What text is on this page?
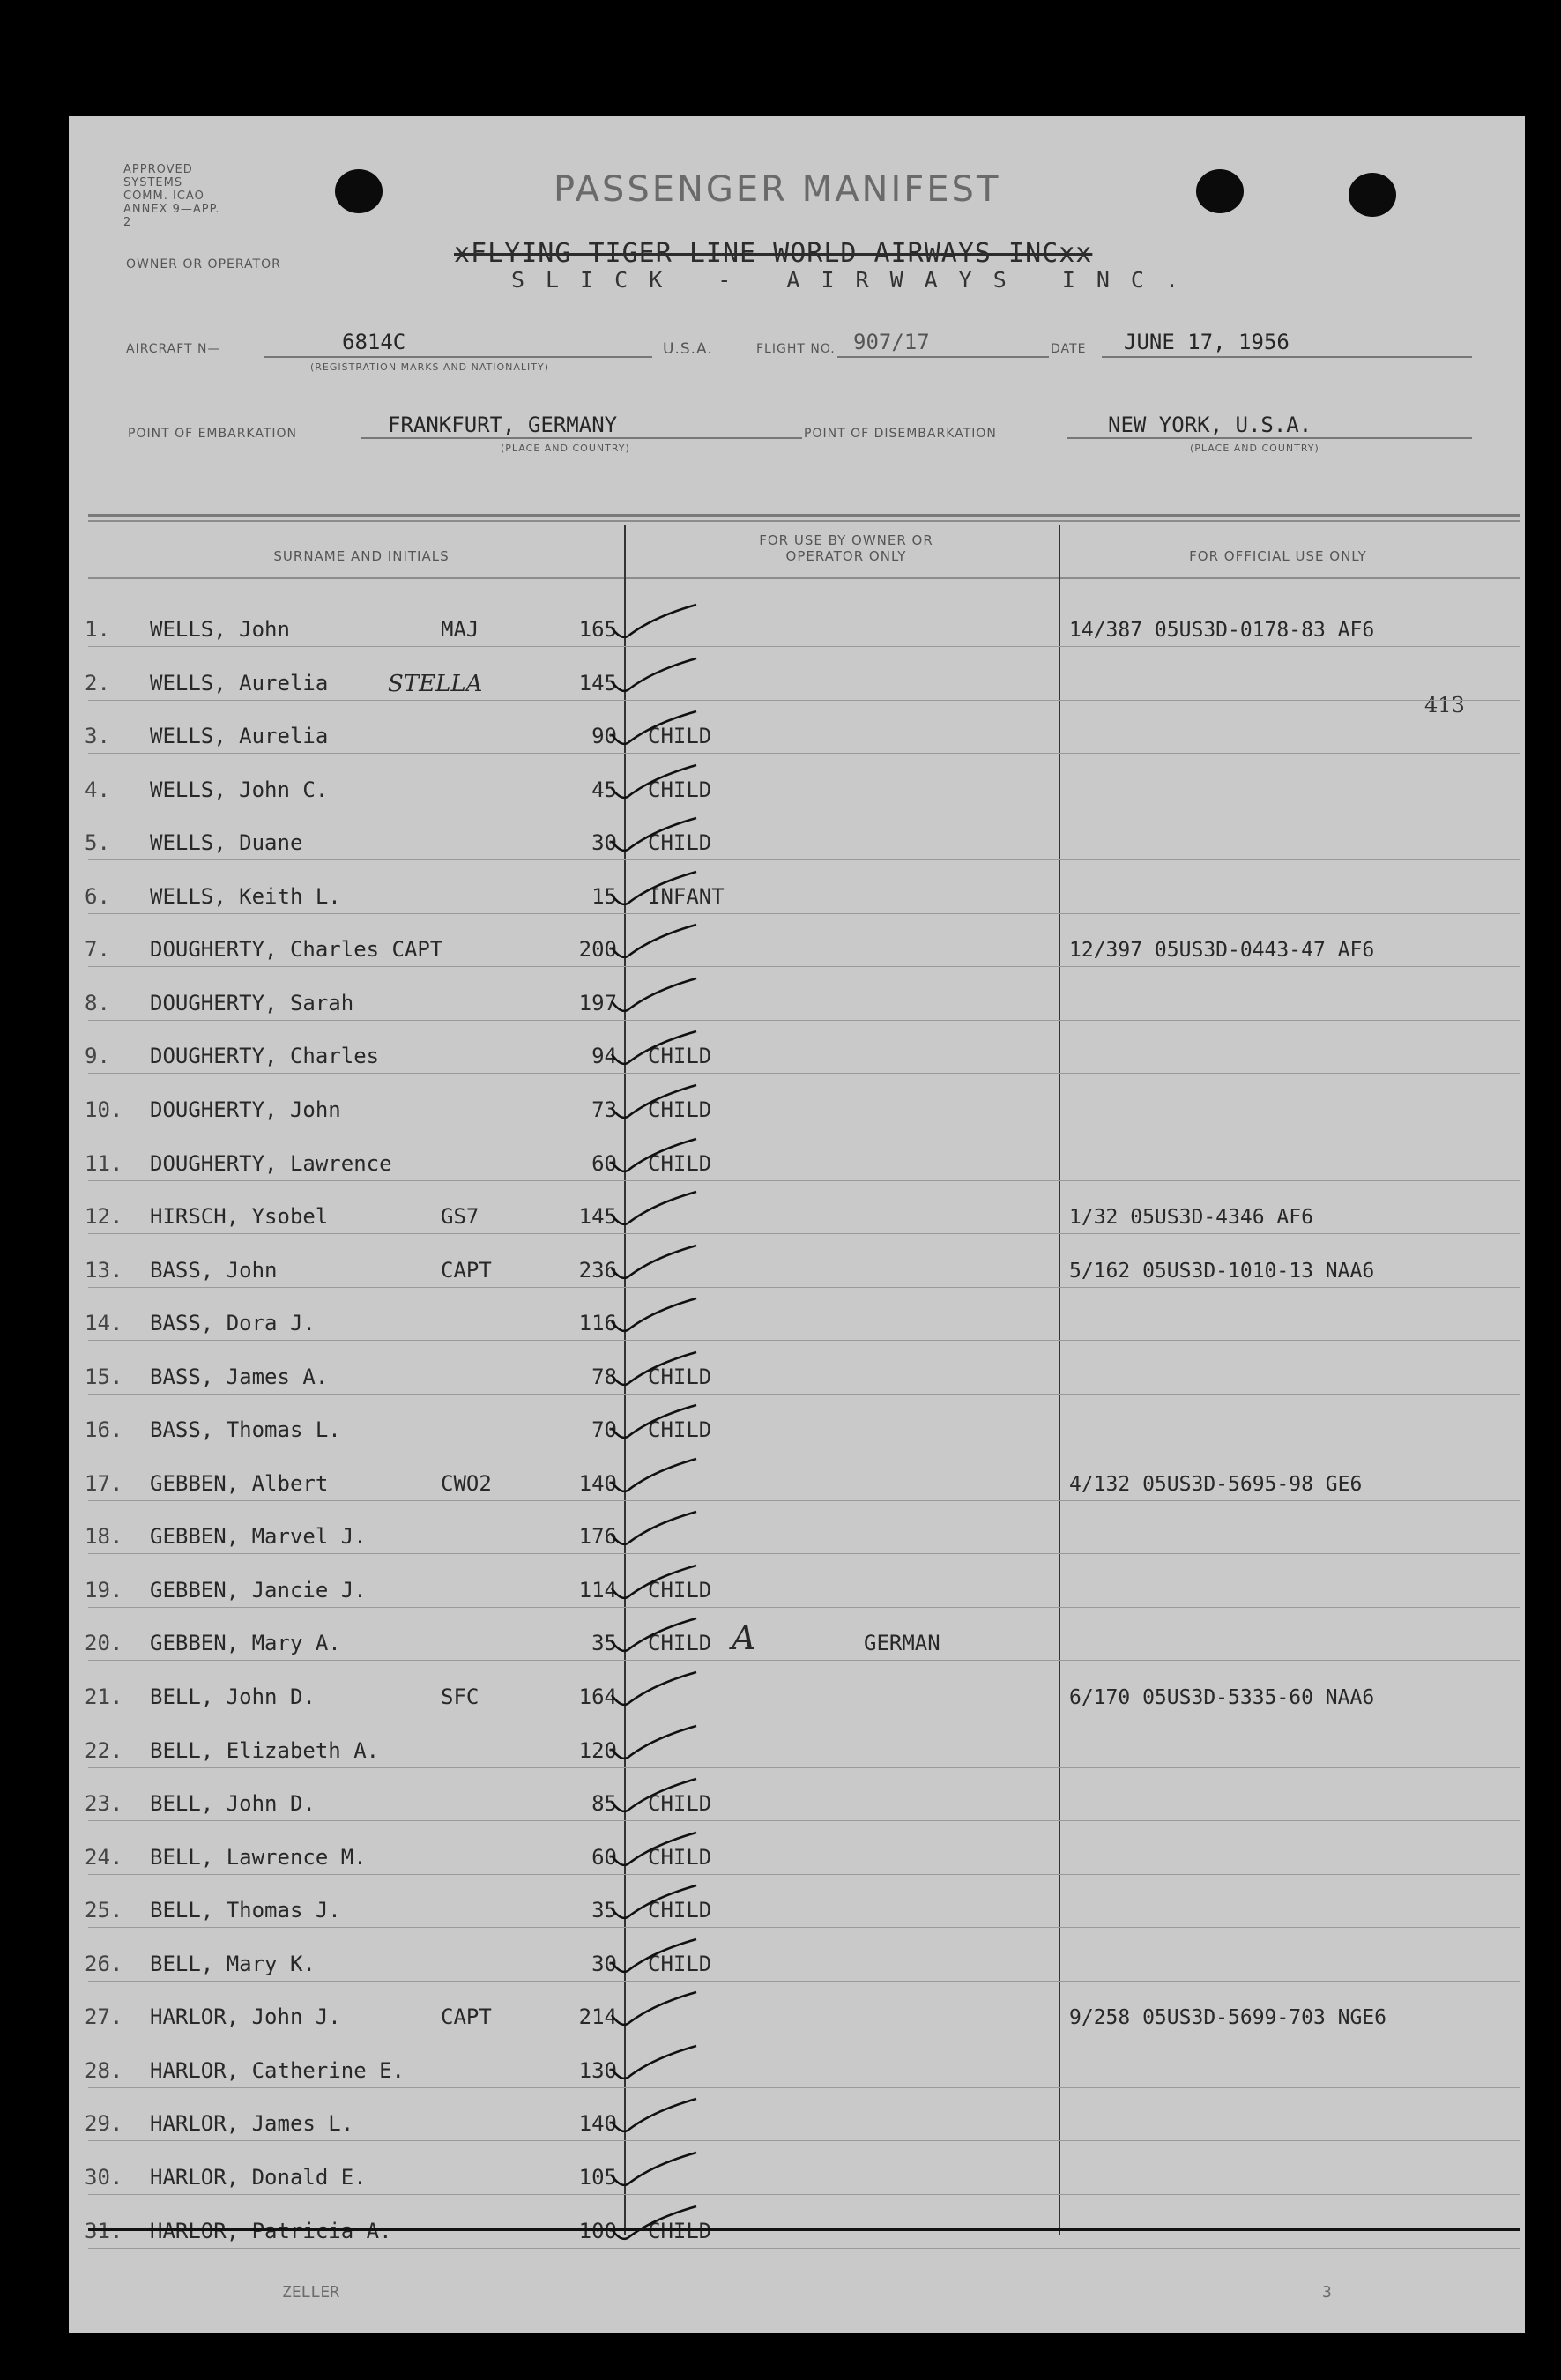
APPROVED SYSTEMS COMM. ICAO ANNEX 9—APP. 2
PASSENGER MANIFEST
OWNER OR OPERATOR	xFLYING TIGER LINE WORLD AIRWAYS INCxx
SLICK - AIRWAYS INC.
AIRCRAFT N—	6814C
(REGISTRATION MARKS AND NATIONALITY)
U.S.A.	FLIGHT NO. 907/17	DATE JUNE 17, 1956
POINT OF EMBARKATION	FRANKFURT, GERMANY
(PLACE AND COUNTRY)
POINT OF DISEMBARKATION	NEW YORK, U.S.A.
(PLACE AND COUNTRY)
SURNAME AND INITIALS
FOR USE BY OWNER OR OPERATOR ONLY	FOR OFFICIAL USE ONLY
413
1. WELLS, John	MAJ	165	14/387 05US3D-0178-83 AF6
2. WELLS, Aurelia	145
STELLA
3. WELLS, Aurelia	90 CHILD
4. WELLS, John C.	45 CHILD
5. WELLS, Duane	30 CHILD
6. WELLS, Keith L.	15 INFANT
7. DOUGHERTY, Charles CAPT	200	12/397 05US3D-0443-47 AF6
8. DOUGHERTY, Sarah	197
9. DOUGHERTY, Charles	94 CHILD
10. DOUGHERTY, John	73 CHILD
11. DOUGHERTY, Lawrence	60 CHILD
12. HIRSCH, Ysobel	GS7	145	1/32 05US3D-4346 AF6
13. BASS, John	CAPT	236	5/162 05US3D-1010-13 NAA6
14. BASS, Dora J.	116
15. BASS, James A.	78 CHILD
16. BASS, Thomas L.	70 CHILD
17. GEBBEN, Albert	CWO2	140	4/132 05US3D-5695-98 GE6
18. GEBBEN, Marvel J.	176
19. GEBBEN, Jancie J.	114 CHILD
20. GEBBEN, Mary A.	35 CHILD	GERMAN
A
21. BELL, John D.	SFC	164	6/170 05US3D-5335-60 NAA6
22. BELL, Elizabeth A.	120
23. BELL, John D.	85 CHILD
24. BELL, Lawrence M.	60 CHILD
25. BELL, Thomas J.	35 CHILD
26. BELL, Mary K.	30 CHILD
27. HARLOR, John J.	CAPT	214	9/258 05US3D-5699-703 NGE6
28. HARLOR, Catherine E.	130
29. HARLOR, James L.	140
30. HARLOR, Donald E.	105
31. HARLOR, Patricia A.	100 CHILD
ZELLER	3
